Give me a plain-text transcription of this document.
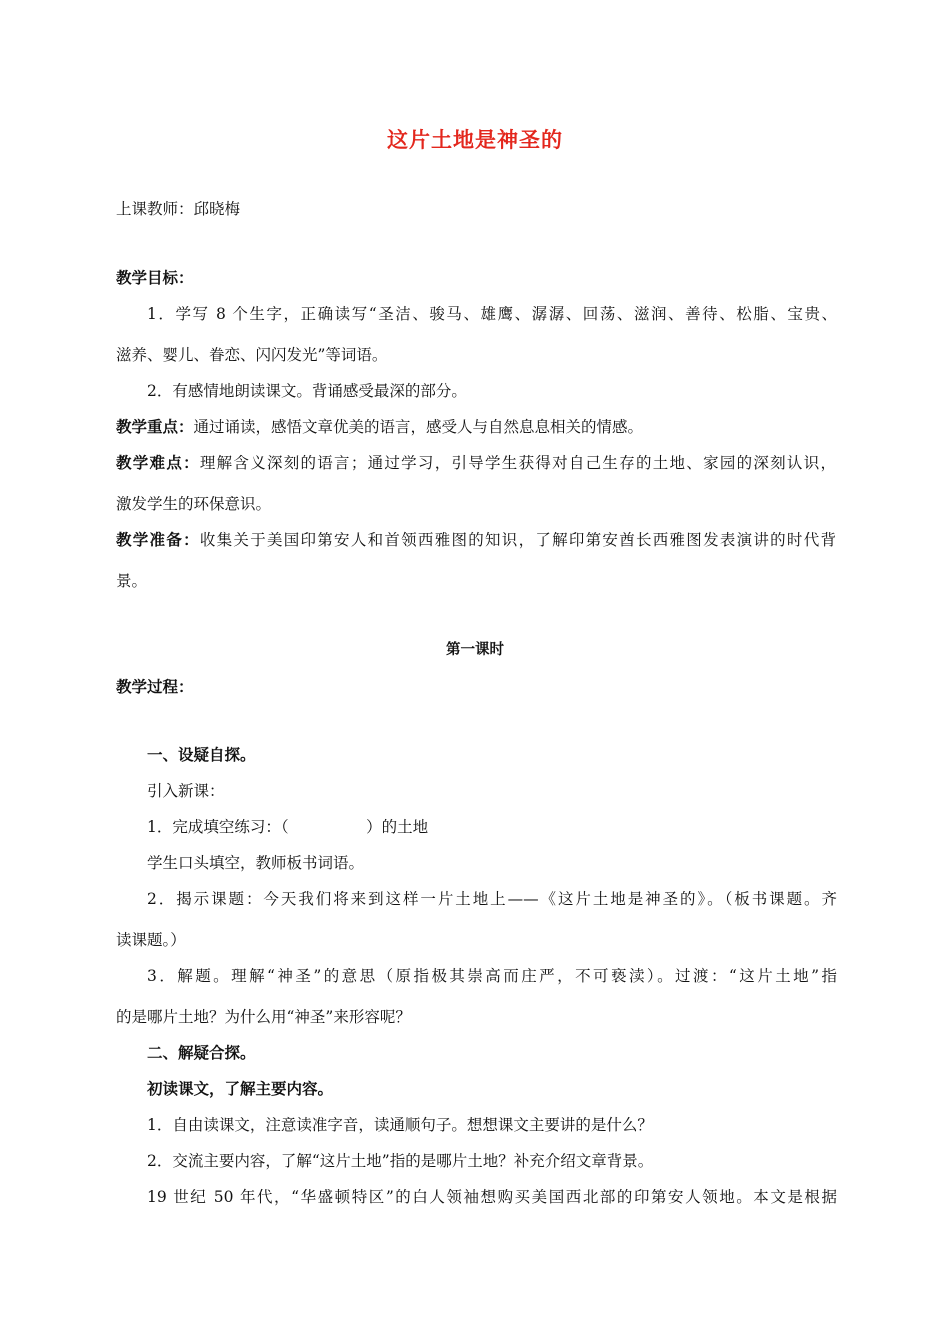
这片土地是神圣的
上课教师：邱晓梅
教学目标：
1．学写 8 个生字，正确读写“圣洁、骏马、雄鹰、潺潺、回荡、滋润、善待、松脂、宝贵、
滋养、婴儿、眷恋、闪闪发光”等词语。
2．有感情地朗读课文。背诵感受最深的部分。
教学重点：通过诵读，感悟文章优美的语言，感受人与自然息息相关的情感。
教学难点：理解含义深刻的语言；通过学习，引导学生获得对自己生存的土地、家园的深刻认识，
激发学生的环保意识。
教学准备：收集关于美国印第安人和首领西雅图的知识，了解印第安酋长西雅图发表演讲的时代背
景。
第一课时
教学过程：
一、设疑自探。
引入新课：
1．完成填空练习：（　　　　　）的土地
学生口头填空，教师板书词语。
2．揭示课题：今天我们将来到这样一片土地上——《这片土地是神圣的》。（板书课题。齐
读课题。）
3．解题。理解“神圣”的意思（原指极其崇高而庄严，不可亵渎）。过渡：“这片土地”指
的是哪片土地？为什么用“神圣”来形容呢？
二、解疑合探。
初读课文，了解主要内容。
1．自由读课文，注意读准字音，读通顺句子。想想课文主要讲的是什么？
2．交流主要内容，了解“这片土地”指的是哪片土地？补充介绍文章背景。
19 世纪 50 年代，“华盛顿特区”的白人领袖想购买美国西北部的印第安人领地。本文是根据
